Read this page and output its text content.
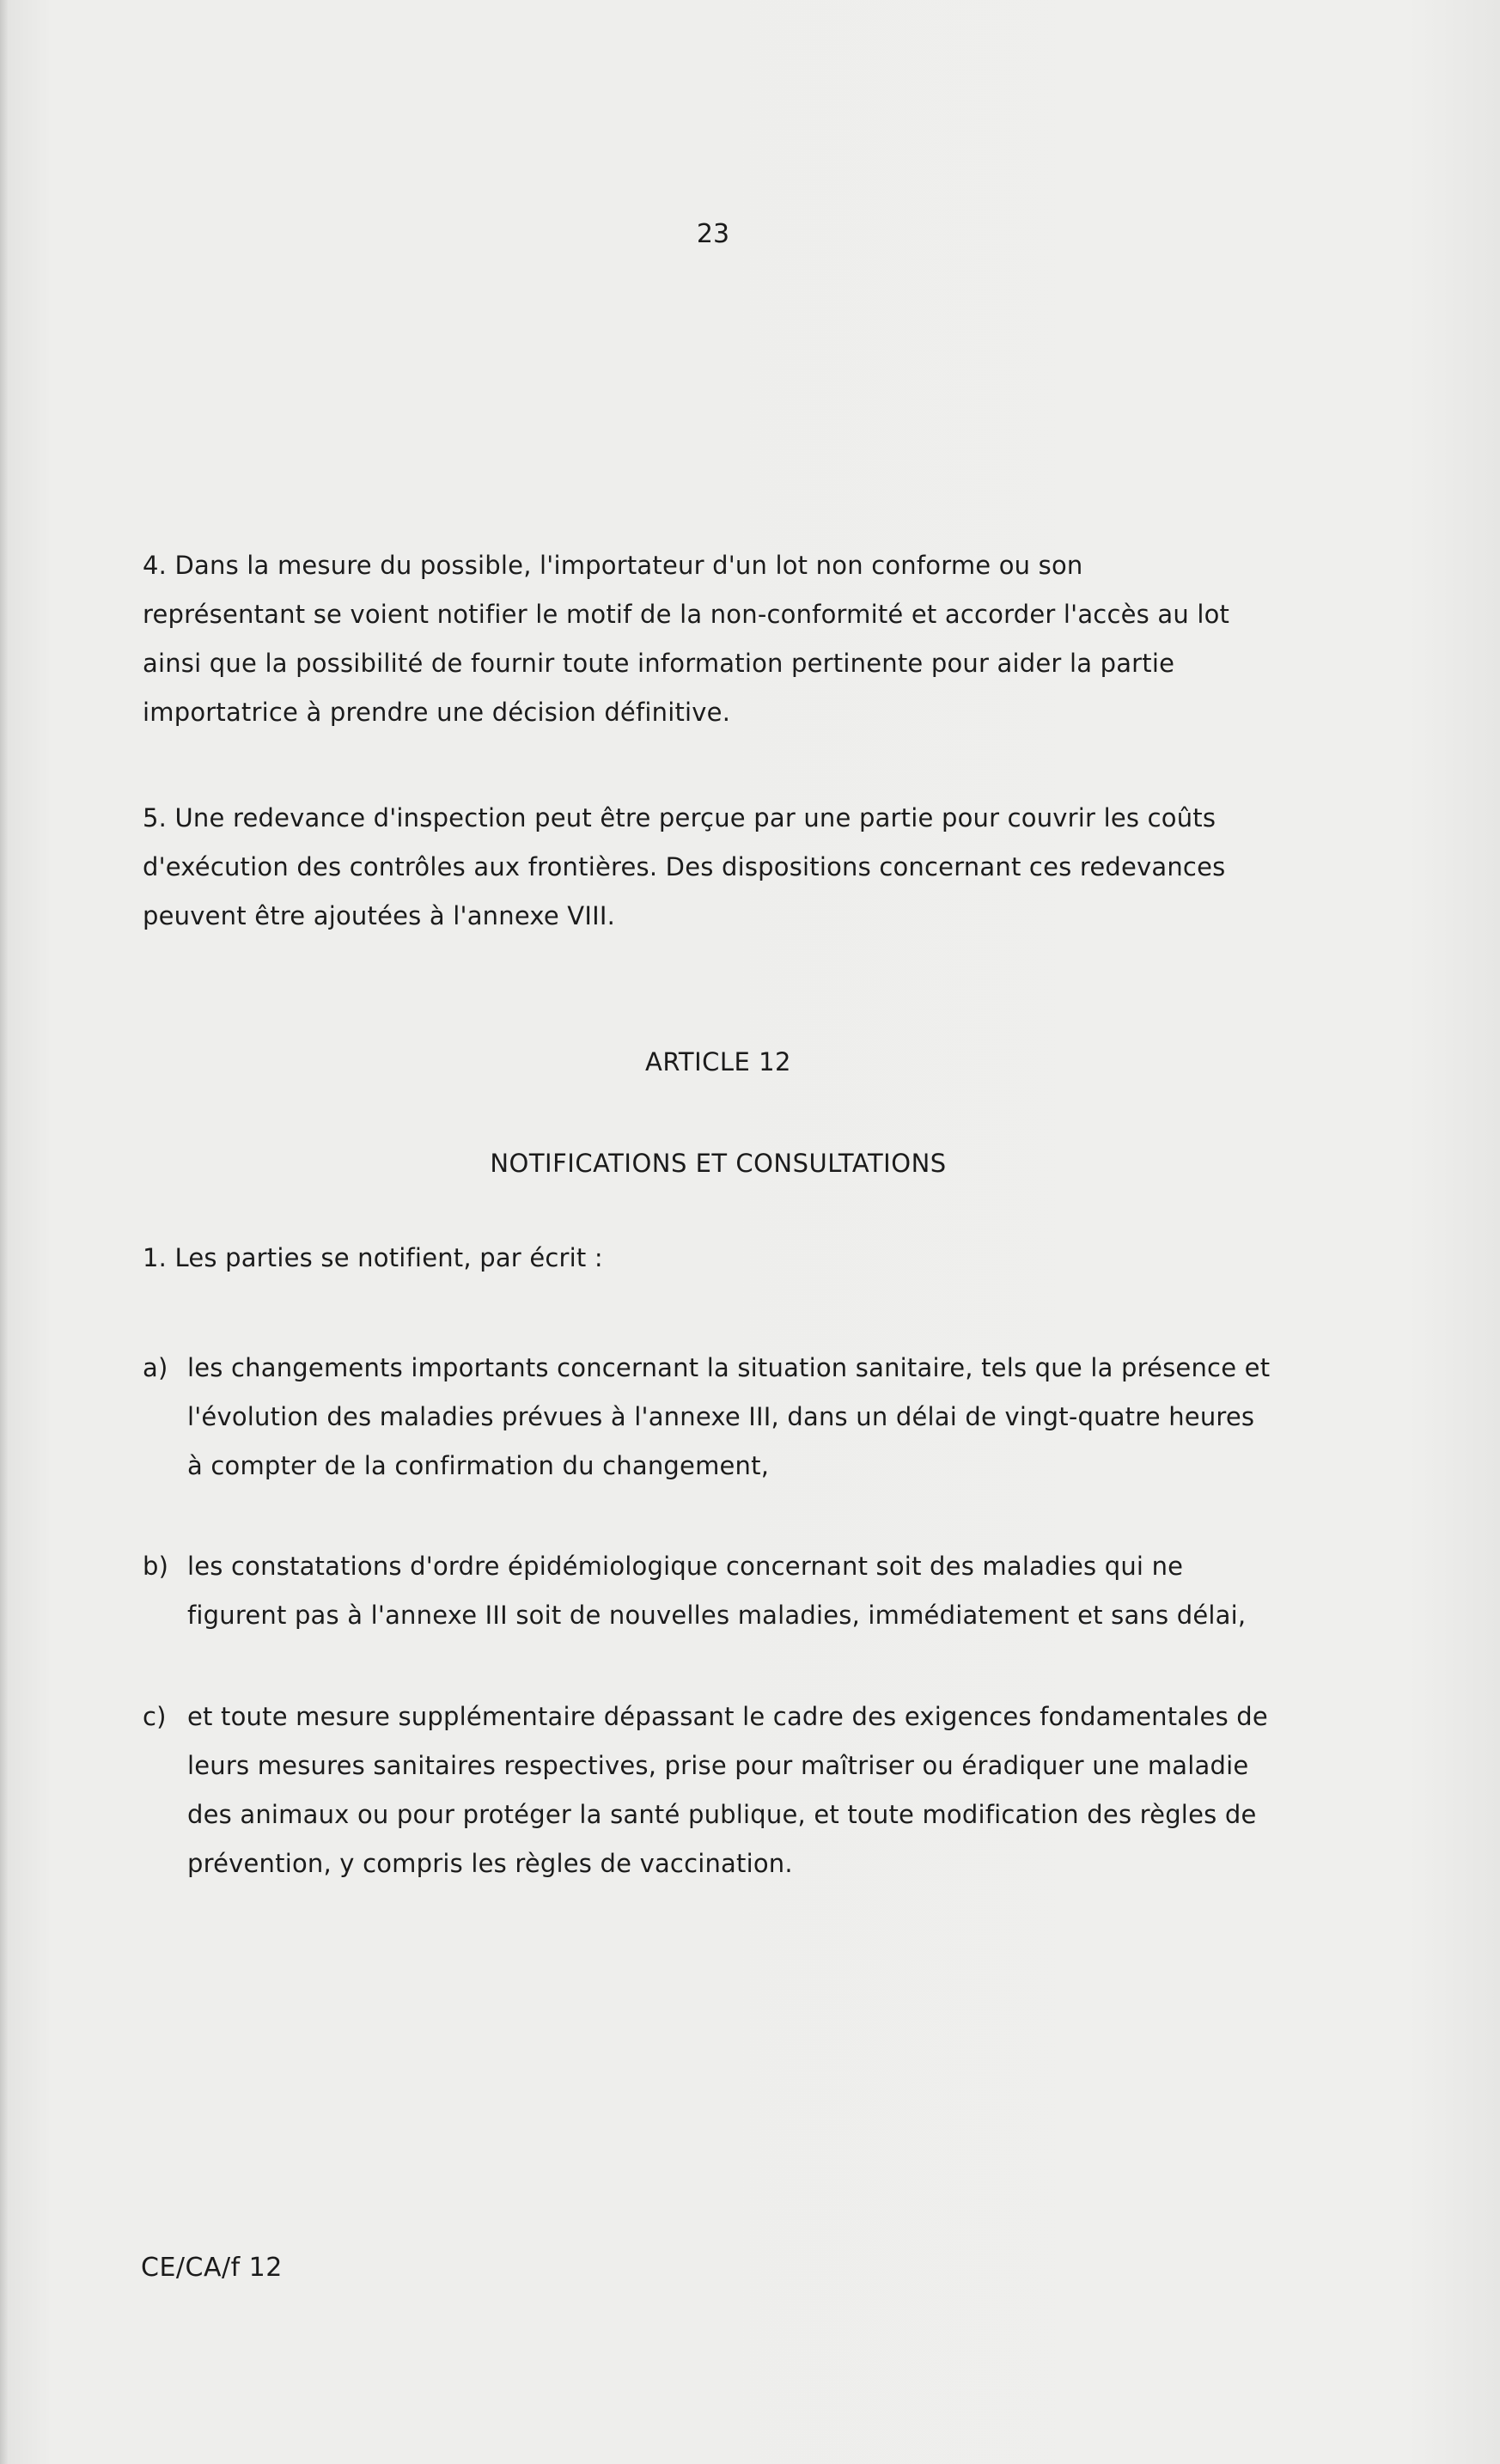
23
4. Dans la mesure du possible, l'importateur d'un lot non conforme ou son
représentant se voient notifier le motif de la non-conformité et accorder l'accès au lot
ainsi que la possibilité de fournir toute information pertinente pour aider la partie
importatrice à prendre une décision définitive.
5. Une redevance d'inspection peut être perçue par une partie pour couvrir les coûts
d'exécution des contrôles aux frontières. Des dispositions concernant ces redevances
peuvent être ajoutées à l'annexe VIII.
ARTICLE 12
NOTIFICATIONS ET CONSULTATIONS
1. Les parties se notifient, par écrit :
a) les changements importants concernant la situation sanitaire, tels que la présence et
l'évolution des maladies prévues à l'annexe III, dans un délai de vingt-quatre heures
à compter de la confirmation du changement,
b) les constatations d'ordre épidémiologique concernant soit des maladies qui ne
figurent pas à l'annexe III soit de nouvelles maladies, immédiatement et sans délai,
c) et toute mesure supplémentaire dépassant le cadre des exigences fondamentales de
leurs mesures sanitaires respectives, prise pour maîtriser ou éradiquer une maladie
des animaux ou pour protéger la santé publique, et toute modification des règles de
prévention, y compris les règles de vaccination.
CE/CA/f 12
